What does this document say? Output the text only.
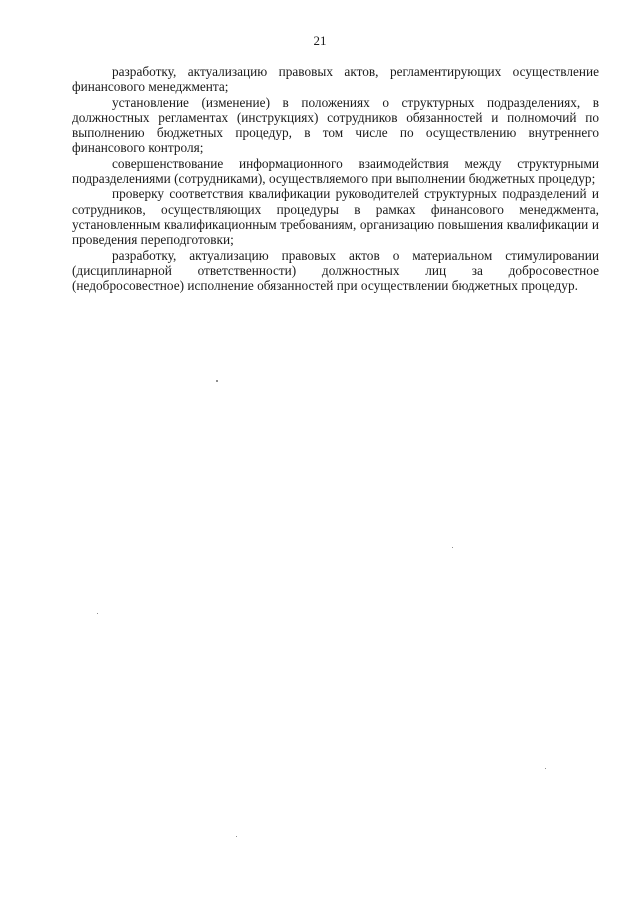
21

разработку, актуализацию правовых актов, регламентирующих осуществление финансового менеджмента;

установление (изменение) в положениях о структурных подразделениях, в должностных регламентах (инструкциях) сотрудников обязанностей и полномочий по выполнению бюджетных процедур, в том числе по осуществлению внутреннего финансового контроля;

совершенствование информационного взаимодействия между структурными подразделениями (сотрудниками), осуществляемого при выполнении бюджетных процедур;

проверку соответствия квалификации руководителей структурных подразделений и сотрудников, осуществляющих процедуры в рамках финансового менеджмента, установленным квалификационным требованиям, организацию повышения квалификации и проведения переподготовки;

разработку, актуализацию правовых актов о материальном стимулировании (дисциплинарной ответственности) должностных лиц за добросовестное (недобросовестное) исполнение обязанностей при осуществлении бюджетных процедур.
